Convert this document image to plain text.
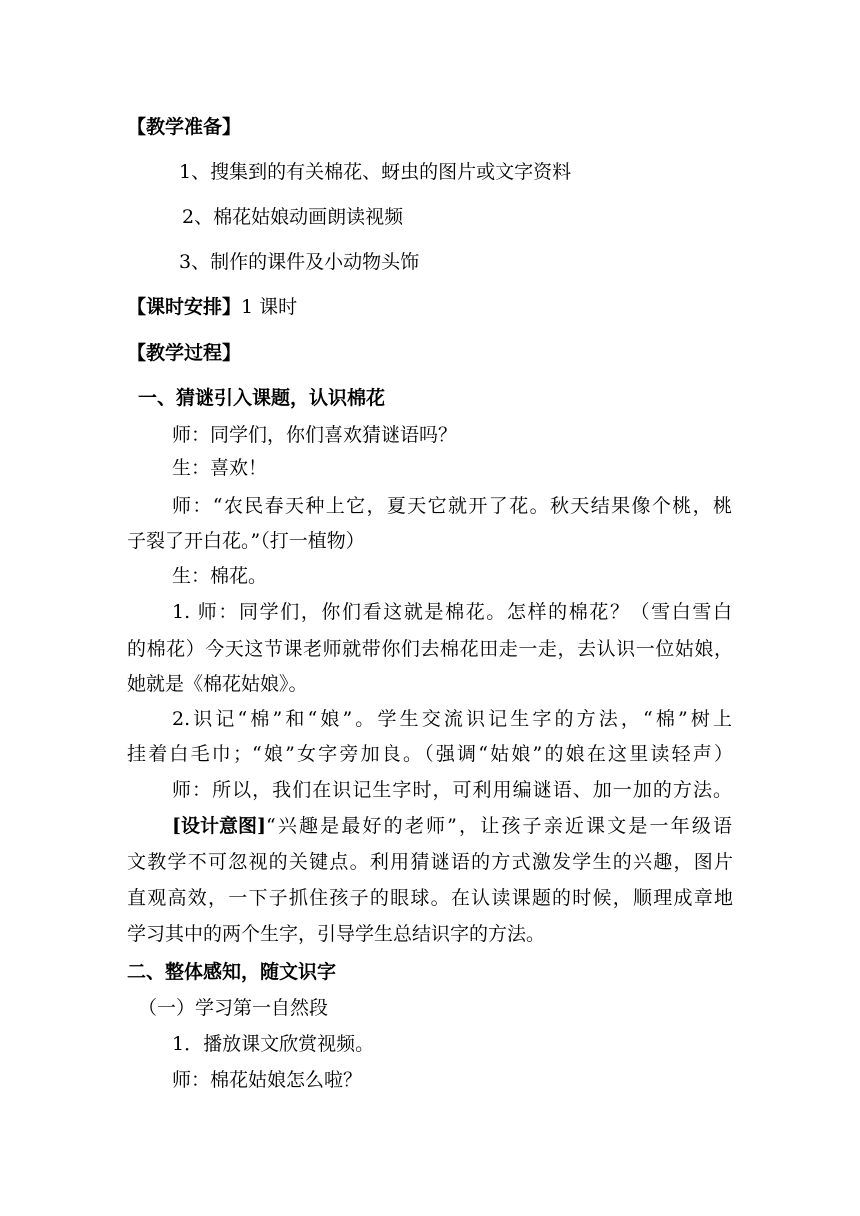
【教学准备】
1、搜集到的有关棉花、蚜虫的图片或文字资料
2、棉花姑娘动画朗读视频
3、制作的课件及小动物头饰
【课时安排】1 课时
【教学过程】
一、猜谜引入课题，认识棉花
师：同学们，你们喜欢猜谜语吗？
生：喜欢！
师：“农民春天种上它，夏天它就开了花。秋天结果像个桃，桃
子裂了开白花。”（打一植物）
生：棉花。
1. 师：同学们，你们看这就是棉花。怎样的棉花？（雪白雪白
的棉花）今天这节课老师就带你们去棉花田走一走，去认识一位姑娘，
她就是《棉花姑娘》。
2.识记“棉”和“娘”。学生交流识记生字的方法，“棉”树上
挂着白毛巾；“娘”女字旁加良。（强调“姑娘”的娘在这里读轻声）
师：所以，我们在识记生字时，可利用编谜语、加一加的方法。
[设计意图] “兴趣是最好的老师”，让孩子亲近课文是一年级语
文教学不可忽视的关键点。利用猜谜语的方式激发学生的兴趣，图片
直观高效，一下子抓住孩子的眼球。在认读课题的时候，顺理成章地
学习其中的两个生字，引导学生总结识字的方法。
二、整体感知，随文识字
（一）学习第一自然段
1．播放课文欣赏视频。
师：棉花姑娘怎么啦？
